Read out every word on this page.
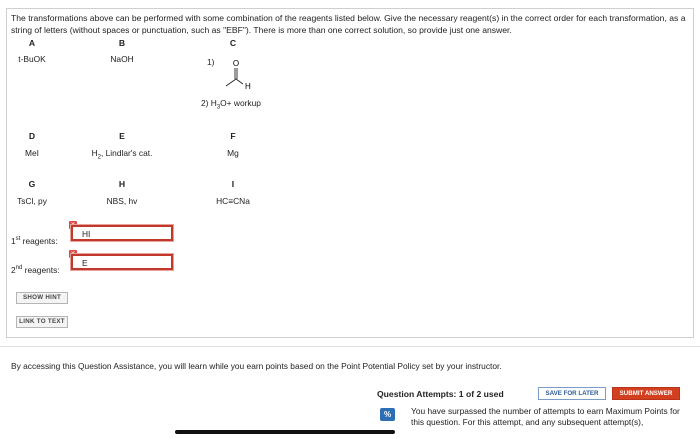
The transformations above can be performed with some combination of the reagents listed below. Give the necessary reagent(s) in the correct order for each transformation, as a string of letters (without spaces or punctuation, such as "EBF"). There is more than one correct solution, so provide just one answer.

A
t-BuOK
B
NaOH
C
1) O
H
2) $H_3O+$ workup
D
MeI
E
$H_2$, Lindlar's cat.
F
Mg
G
TsCl, py
H
NBS, hv
I
HC≡CNa
1st reagents:
HI
2nd reagents:
E
SHOW HINT
LINK TO TEXT

By accessing this Question Assistance, you will learn while you earn points based on the Point Potential Policy set by your instructor.

Question Attempts: 1 of 2 used	SAVE FOR LATER	SUBMIT ANSWER
%	You have surpassed the number of attempts to earn Maximum Points for this question. For this attempt, and any subsequent attempt(s),
